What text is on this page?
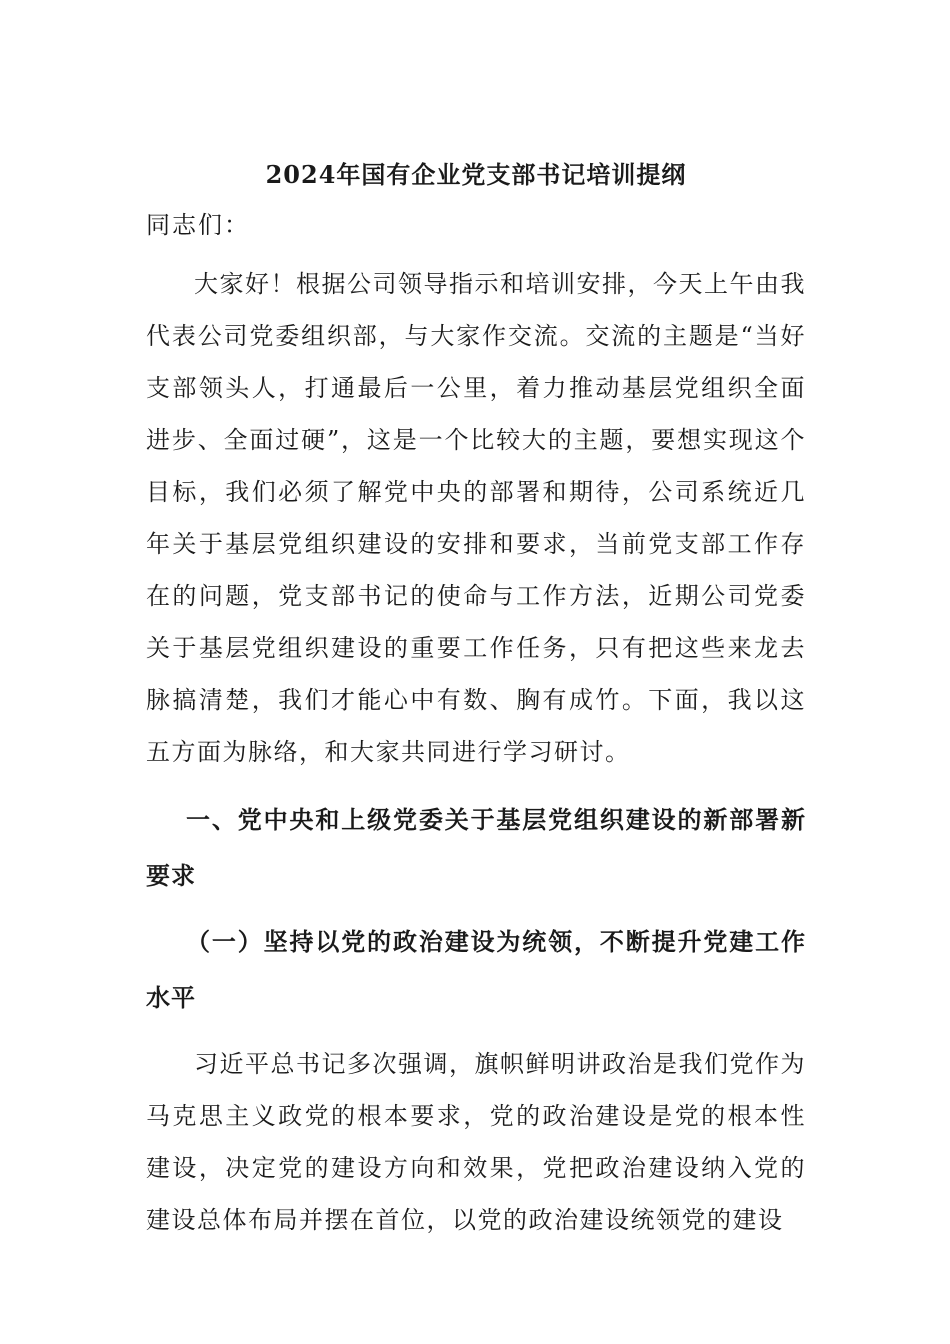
2024年国有企业党支部书记培训提纲

同志们：

大家好！根据公司领导指示和培训安排，今天上午由我代表公司党委组织部，与大家作交流。交流的主题是“当好支部领头人，打通最后一公里，着力推动基层党组织全面进步、全面过硬”，这是一个比较大的主题，要想实现这个目标，我们必须了解党中央的部署和期待，公司系统近几年关于基层党组织建设的安排和要求，当前党支部工作存在的问题，党支部书记的使命与工作方法，近期公司党委关于基层党组织建设的重要工作任务，只有把这些来龙去脉搞清楚，我们才能心中有数、胸有成竹。下面，我以这五方面为脉络，和大家共同进行学习研讨。

一、党中央和上级党委关于基层党组织建设的新部署新要求

（一）坚持以党的政治建设为统领，不断提升党建工作水平

习近平总书记多次强调，旗帜鲜明讲政治是我们党作为马克思主义政党的根本要求，党的政治建设是党的根本性建设，决定党的建设方向和效果，党把政治建设纳入党的建设总体布局并摆在首位，以党的政治建设统领党的建设
